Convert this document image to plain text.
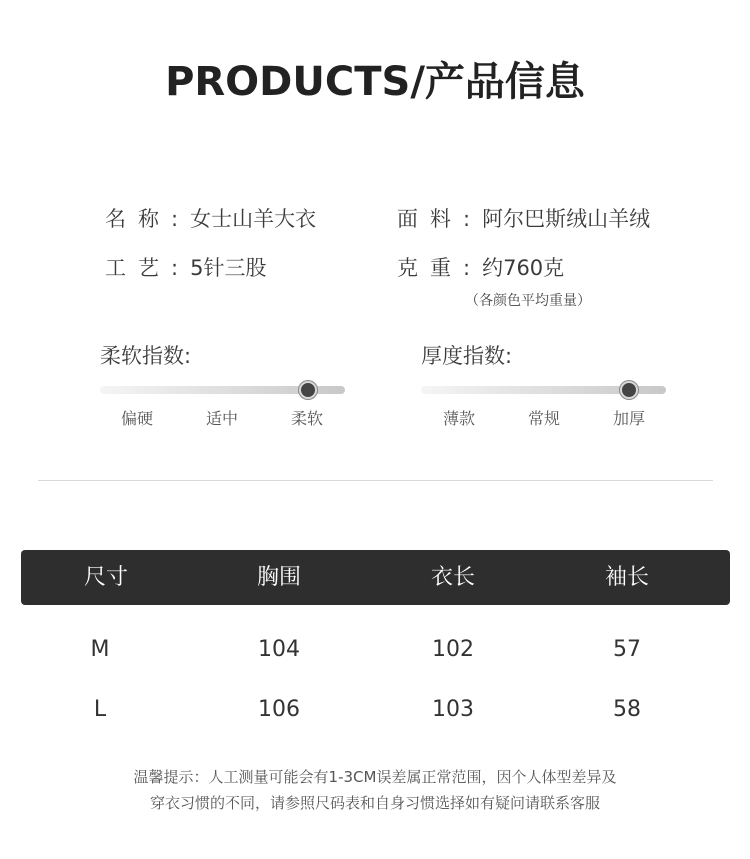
PRODUCTS/产品信息
名称:女士山羊大衣	面料:阿尔巴斯绒山羊绒
工艺:5针三股	克重:约760克
（各颜色平均重量）
柔软指数:
偏硬	适中	柔软
厚度指数:
薄款	常规	加厚
尺寸	胸围	衣长	袖长
M	104	102	57
L	106	103	58
温馨提示：人工测量可能会有1-3CM误差属正常范围，因个人体型差异及
穿衣习惯的不同，请参照尺码表和自身习惯选择如有疑问请联系客服
